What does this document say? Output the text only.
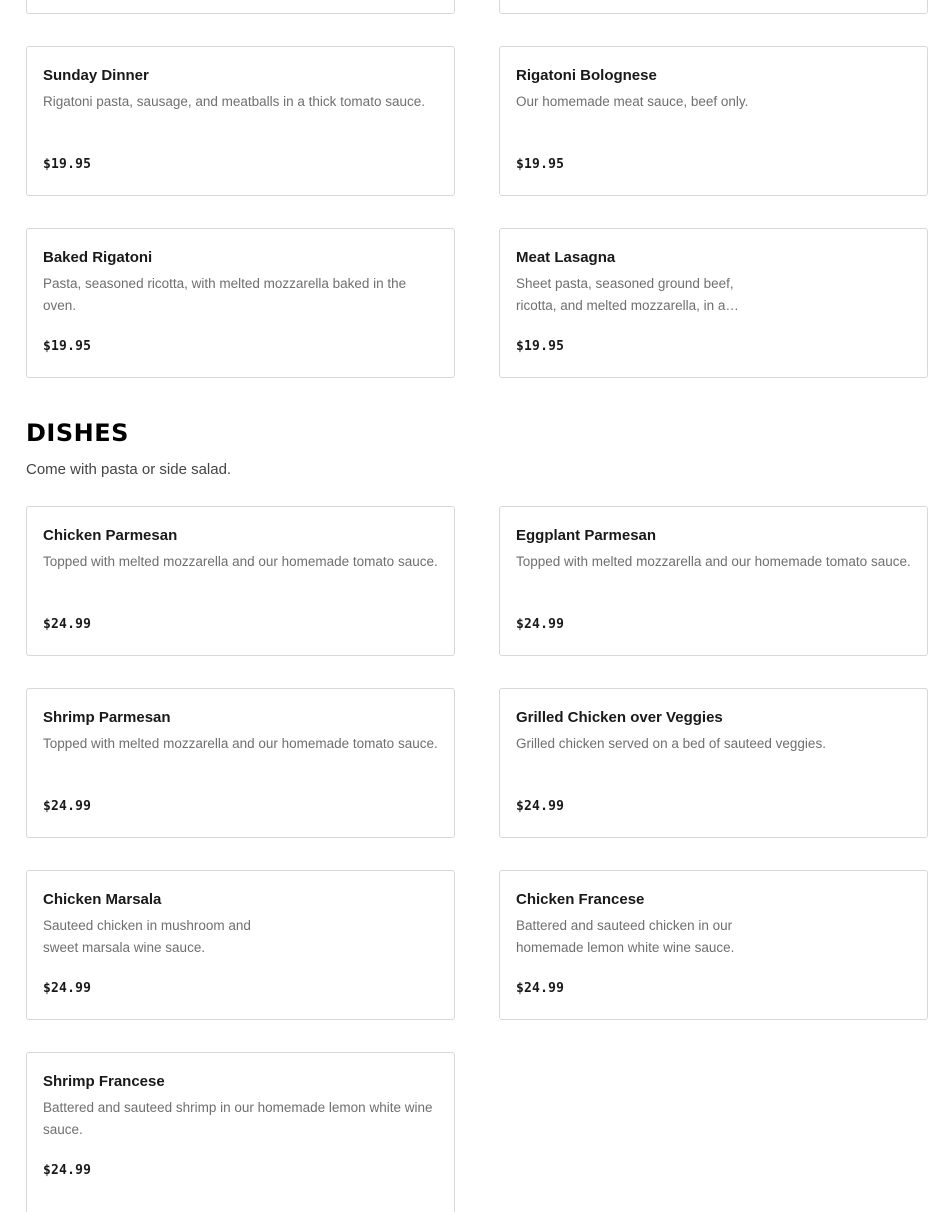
Sunday Dinner
Rigatoni pasta, sausage, and meatballs in a thick tomato sauce.
$19.95
Rigatoni Bolognese
Our homemade meat sauce, beef only.
$19.95
Baked Rigatoni
Pasta, seasoned ricotta, with melted mozzarella baked in the oven.
$19.95
Meat Lasagna
Sheet pasta, seasoned ground beef, ricotta, and melted mozzarella, in a…
$19.95
DISHES

Come with pasta or side salad.

Chicken Parmesan
Topped with melted mozzarella and our homemade tomato sauce.
$24.99
Eggplant Parmesan
Topped with melted mozzarella and our homemade tomato sauce.
$24.99
Shrimp Parmesan
Topped with melted mozzarella and our homemade tomato sauce.
$24.99
Grilled Chicken over Veggies
Grilled chicken served on a bed of sauteed veggies.
$24.99
Chicken Marsala
Sauteed chicken in mushroom and sweet marsala wine sauce.
$24.99
Chicken Francese
Battered and sauteed chicken in our homemade lemon white wine sauce.
$24.99
Shrimp Francese
Battered and sauteed shrimp in our homemade lemon white wine sauce.
$24.99
